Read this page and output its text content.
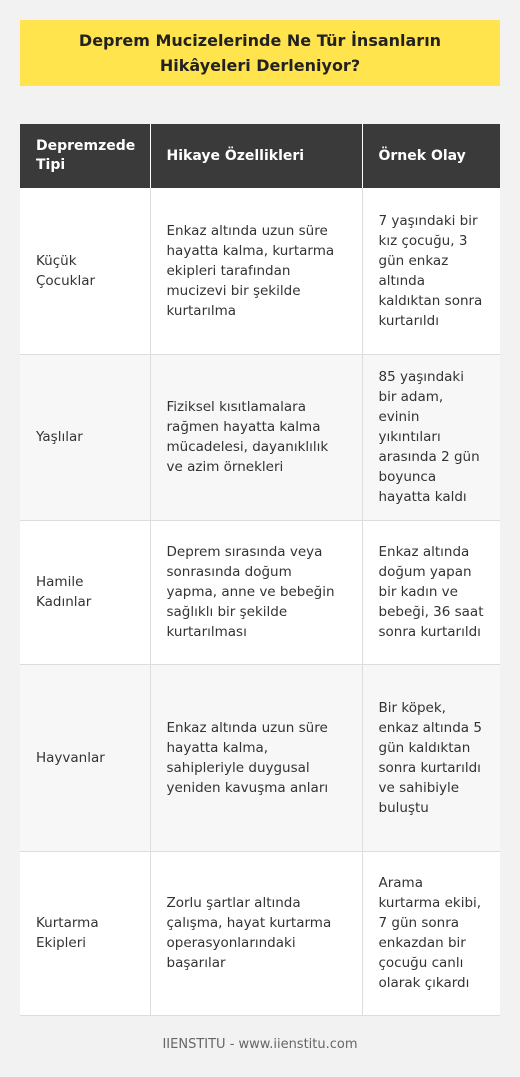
Deprem Mucizelerinde Ne Tür İnsanların Hikâyeleri Derleniyor?
Depremzede Tipi	Hikaye Özellikleri	Örnek Olay
Küçük Çocuklar	Enkaz altında uzun süre hayatta kalma, kurtarma ekipleri tarafından mucizevi bir şekilde kurtarılma	7 yaşındaki bir kız çocuğu, 3 gün enkaz altında kaldıktan sonra kurtarıldı
Yaşlılar	Fiziksel kısıtlamalara rağmen hayatta kalma mücadelesi, dayanıklılık ve azim örnekleri	85 yaşındaki bir adam, evinin yıkıntıları arasında 2 gün boyunca hayatta kaldı
Hamile Kadınlar	Deprem sırasında veya sonrasında doğum yapma, anne ve bebeğin sağlıklı bir şekilde kurtarılması	Enkaz altında doğum yapan bir kadın ve bebeği, 36 saat sonra kurtarıldı
Hayvanlar	Enkaz altında uzun süre hayatta kalma, sahipleriyle duygusal yeniden kavuşma anları	Bir köpek, enkaz altında 5 gün kaldıktan sonra kurtarıldı ve sahibiyle buluştu
Kurtarma Ekipleri	Zorlu şartlar altında çalışma, hayat kurtarma operasyonlarındaki başarılar	Arama kurtarma ekibi, 7 gün sonra enkazdan bir çocuğu canlı olarak çıkardı
IIENSTITU - www.iienstitu.com
